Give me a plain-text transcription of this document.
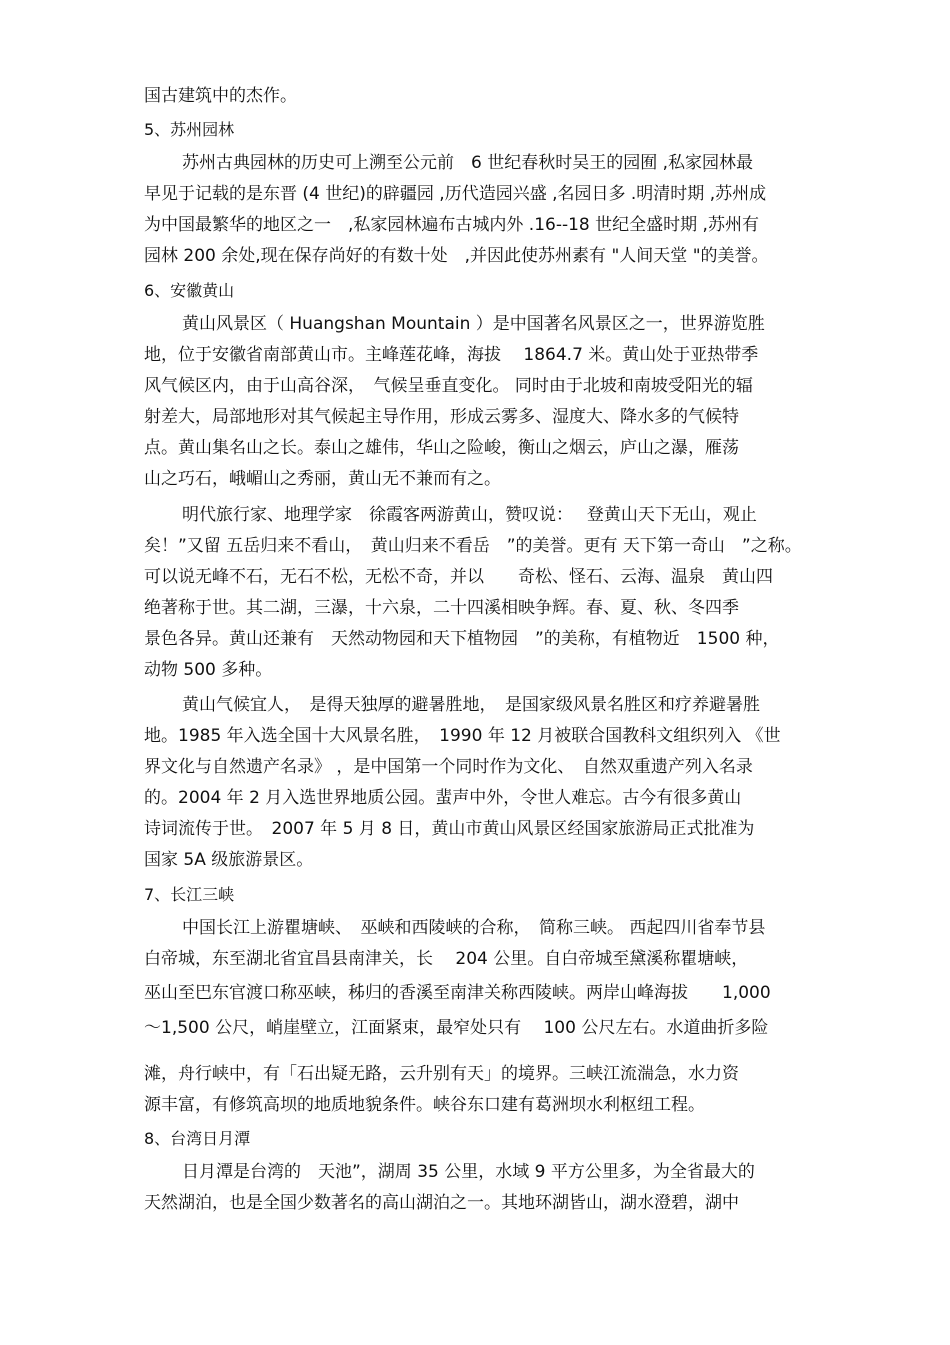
国古建筑中的杰作。
5、苏州园林
苏州古典园林的历史可上溯至公元前　6 世纪春秋时吴王的园囿 ,私家园林最
早见于记载的是东晋 (4 世纪)的辟疆园 ,历代造园兴盛 ,名园日多 .明清时期 ,苏州成
为中国最繁华的地区之一　,私家园林遍布古城内外 .16--18 世纪全盛时期 ,苏州有
园林 200 余处,现在保存尚好的有数十处　,并因此使苏州素有 "人间天堂 "的美誉。
6、安徽黄山
黄山风景区（ Huangshan Mountain ）是中国著名风景区之一，世界游览胜
地，位于安徽省南部黄山市。主峰莲花峰，海拔　 1864.7 米。黄山处于亚热带季
风气候区内，由于山高谷深，　气候呈垂直变化。 同时由于北坡和南坡受阳光的辐
射差大，局部地形对其气候起主导作用，形成云雾多、湿度大、降水多的气候特
点。黄山集名山之长。泰山之雄伟，华山之险峻，衡山之烟云，庐山之瀑，雁荡
山之巧石，峨嵋山之秀丽，黄山无不兼而有之。
明代旅行家、地理学家　徐霞客两游黄山，赞叹说：　 登黄山天下无山，观止
矣！”又留 五岳归来不看山，　黄山归来不看岳　”的美誉。更有 天下第一奇山　”之称。
可以说无峰不石，无石不松，无松不奇，并以　　奇松、怪石、云海、温泉　黄山四
绝著称于世。其二湖，三瀑，十六泉，二十四溪相映争辉。春、夏、秋、冬四季
景色各异。黄山还兼有　天然动物园和天下植物园　”的美称，有植物近　1500 种，
动物 500 多种。
黄山气候宜人，　是得天独厚的避暑胜地，　是国家级风景名胜区和疗养避暑胜
地。1985 年入选全国十大风景名胜，　1990 年 12 月被联合国教科文组织列入 《世
界文化与自然遗产名录》 ，是中国第一个同时作为文化、　自然双重遗产列入名录
的。2004 年 2 月入选世界地质公园。蜚声中外，令世人难忘。古今有很多黄山
诗词流传于世。　2007 年 5 月 8 日，黄山市黄山风景区经国家旅游局正式批准为
国家 5A 级旅游景区。
7、长江三峡
中国长江上游瞿塘峡、　巫峡和西陵峡的合称，　简称三峡。 西起四川省奉节县
白帝城，东至湖北省宜昌县南津关，长　 204 公里。自白帝城至黛溪称瞿塘峡，
巫山至巴东官渡口称巫峡，秭归的香溪至南津关称西陵峡。两岸山峰海拔　　1,000
～1,500 公尺，峭崖壁立，江面紧束，最窄处只有　 100 公尺左右。水道曲折多险
滩，舟行峡中，有「石出疑无路，云升别有天」的境界。三峡江流湍急，水力资
源丰富，有修筑高坝的地质地貌条件。峡谷东口建有葛洲坝水利枢纽工程。
8、台湾日月潭
日月潭是台湾的　天池”，湖周 35 公里，水域 9 平方公里多，为全省最大的
天然湖泊，也是全国少数著名的高山湖泊之一。其地环湖皆山，湖水澄碧，湖中
